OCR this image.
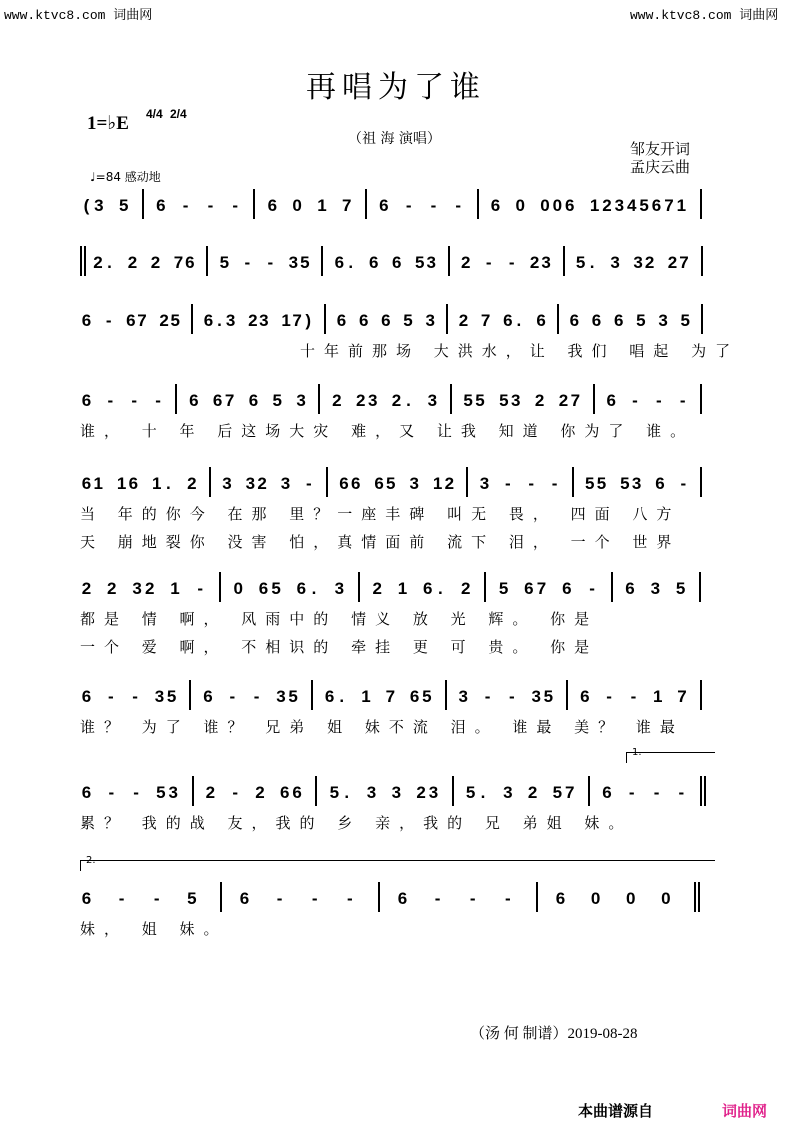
www.ktvc8.com 词曲网	www.ktvc8.com 词曲网
再唱为了谁
1=♭E 4/4 2/4
（祖 海 演唱）
邹友开词
孟庆云曲
♩=84 感动地
( 3 5 6 - - - 6 0 1 7 6 - - - 6 0 0 0 6 1 2 3 4 5 6 7 1
2 . 2 2 7 6 5 - - 3 5 6 . 6 6 5 3 2 - - 2 3 5 . 3 3 2 2 7
6 - 6 7 2 5 6 . 3 2 3 1 7 ) 6 6 6 5 3 2 7 6 . 6 6 6 6 5 3 5
十年前那场 大洪水，让 我们 唱起 为了
6 - - - 6 6 7 6 5 3 2 2 3 2 . 3 5 5 5 3 2 2 7 6 - - -
谁， 十 年 后这场大灾 难，又 让我 知道 你为了 谁。
6 1 1 6 1 . 2 3 3 2 3 - 6 6 6 5 3 1 2 3 - - - 5 5 5 3 6 -
当 年的你今 在那 里？一座丰碑 叫无 畏， 四面 八方
天 崩地裂你 没害 怕，真情面前 流下 泪， 一个 世界
2 2 3 2 1 - 0 6 5 6 . 3 2 1 6 . 2 5 6 7 6 - 6 3 5
都是 情 啊， 风雨中的 情义 放 光 辉。 你是
一个 爱 啊， 不相识的 牵挂 更 可 贵。 你是
6 - - 3 5 6 - - 3 5 6 . 1 7 6 5 3 - - 3 5 6 - - 1 7
谁？ 为了 谁？ 兄弟 姐 妹不流 泪。 谁最 美？ 谁最
6 - - 5 3 2 - 2 6 6 5 . 3 3 2 3 5 . 3 2 5 7 6 - - -
累？ 我的战 友，我的 乡 亲，我的 兄 弟姐 妹。
6 - - 5	6 - - -	6 - - -	6 0 0 0
妹， 姐 妹。
1.
2.
（汤 何 制谱）2019-08-28
本曲谱源自	词曲网
